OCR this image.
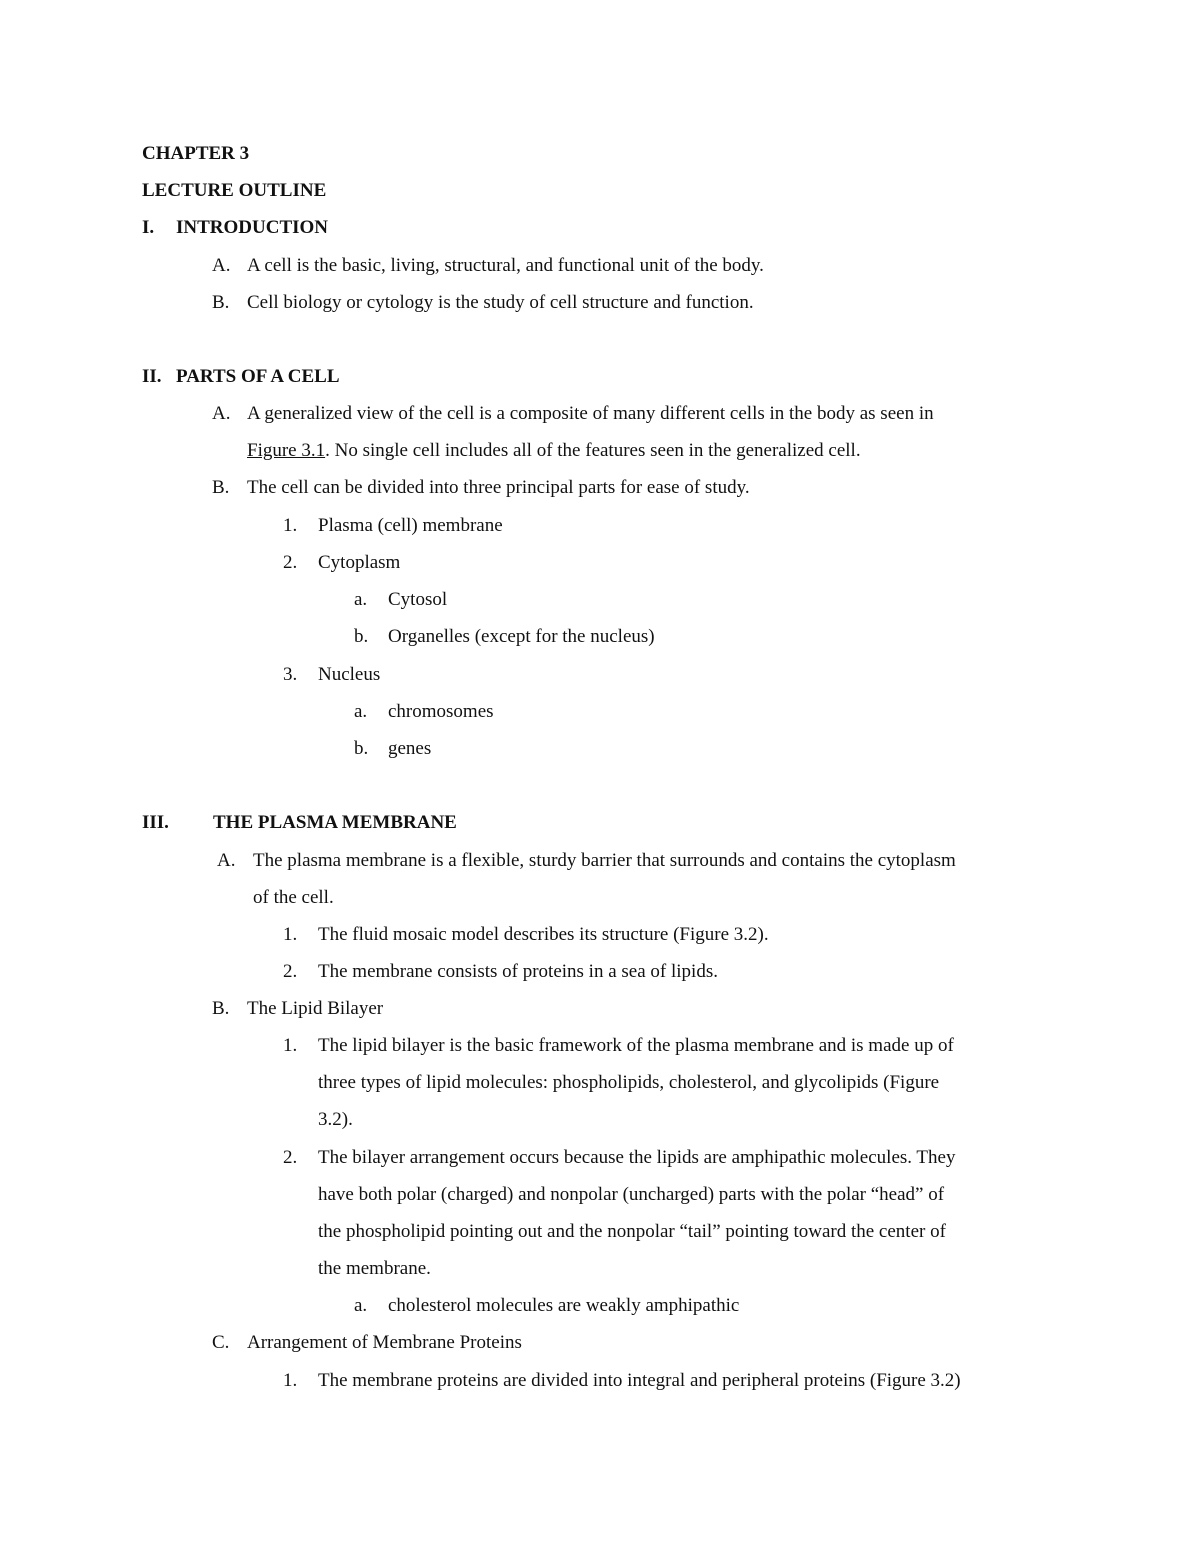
CHAPTER 3
LECTURE OUTLINE
I. INTRODUCTION
A. A cell is the basic, living, structural, and functional unit of the body.
B. Cell biology or cytology is the study of cell structure and function.
II. PARTS OF A CELL
A. A generalized view of the cell is a composite of many different cells in the body as seen in
Figure 3.1. No single cell includes all of the features seen in the generalized cell.
B. The cell can be divided into three principal parts for ease of study.
1. Plasma (cell) membrane
2. Cytoplasm
a. Cytosol
b. Organelles (except for the nucleus)
3. Nucleus
a. chromosomes
b. genes
III. THE PLASMA MEMBRANE
A. The plasma membrane is a flexible, sturdy barrier that surrounds and contains the cytoplasm
of the cell.
1. The fluid mosaic model describes its structure (Figure 3.2).
2. The membrane consists of proteins in a sea of lipids.
B. The Lipid Bilayer
1. The lipid bilayer is the basic framework of the plasma membrane and is made up of
three types of lipid molecules: phospholipids, cholesterol, and glycolipids (Figure
3.2).
2. The bilayer arrangement occurs because the lipids are amphipathic molecules. They
have both polar (charged) and nonpolar (uncharged) parts with the polar “head” of
the phospholipid pointing out and the nonpolar “tail” pointing toward the center of
the membrane.
a. cholesterol molecules are weakly amphipathic
C. Arrangement of Membrane Proteins
1. The membrane proteins are divided into integral and peripheral proteins (Figure 3.2)
